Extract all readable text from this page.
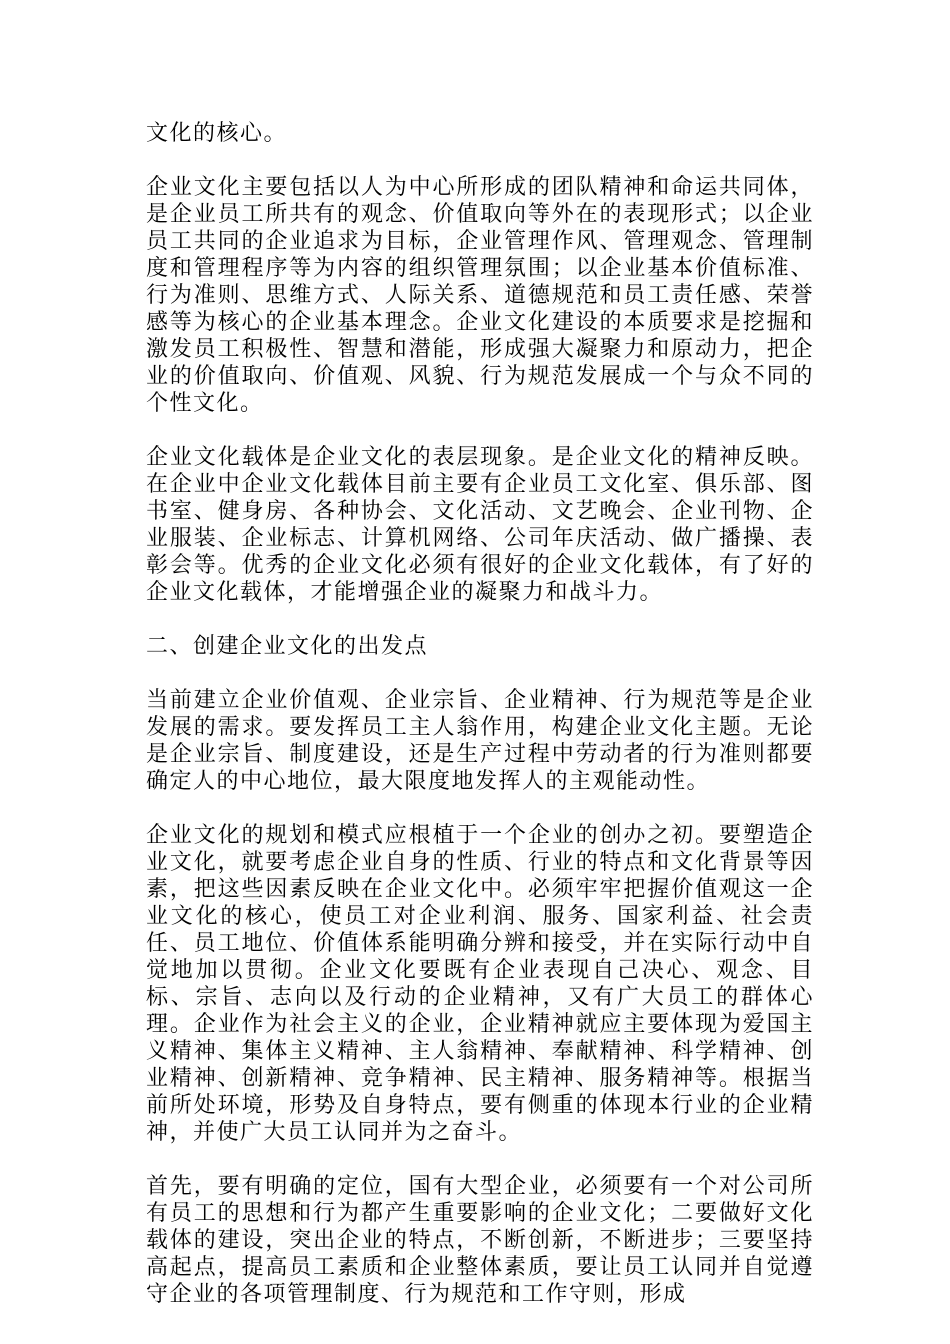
文化的核心。

企业文化主要包括以人为中心所形成的团队精神和命运共同体，是企业员工所共有的观念、价值取向等外在的表现形式；以企业员工共同的企业追求为目标，企业管理作风、管理观念、管理制度和管理程序等为内容的组织管理氛围；以企业基本价值标准、行为准则、思维方式、人际关系、道德规范和员工责任感、荣誉感等为核心的企业基本理念。企业文化建设的本质要求是挖掘和激发员工积极性、智慧和潜能，形成强大凝聚力和原动力，把企业的价值取向、价值观、风貌、行为规范发展成一个与众不同的个性文化。

企业文化载体是企业文化的表层现象。是企业文化的精神反映。在企业中企业文化载体目前主要有企业员工文化室、俱乐部、图书室、健身房、各种协会、文化活动、文艺晚会、企业刊物、企业服装、企业标志、计算机网络、公司年庆活动、做广播操、表彰会等。优秀的企业文化必须有很好的企业文化载体，有了好的企业文化载体，才能增强企业的凝聚力和战斗力。

二、创建企业文化的出发点

当前建立企业价值观、企业宗旨、企业精神、行为规范等是企业发展的需求。要发挥员工主人翁作用，构建企业文化主题。无论是企业宗旨、制度建设，还是生产过程中劳动者的行为准则都要确定人的中心地位，最大限度地发挥人的主观能动性。

企业文化的规划和模式应根植于一个企业的创办之初。要塑造企业文化，就要考虑企业自身的性质、行业的特点和文化背景等因素，把这些因素反映在企业文化中。必须牢牢把握价值观这一企业文化的核心，使员工对企业利润、服务、国家利益、社会责任、员工地位、价值体系能明确分辨和接受，并在实际行动中自觉地加以贯彻。企业文化要既有企业表现自己决心、观念、目标、宗旨、志向以及行动的企业精神，又有广大员工的群体心理。企业作为社会主义的企业，企业精神就应主要体现为爱国主义精神、集体主义精神、主人翁精神、奉献精神、科学精神、创业精神、创新精神、竞争精神、民主精神、服务精神等。根据当前所处环境，形势及自身特点，要有侧重的体现本行业的企业精神，并使广大员工认同并为之奋斗。

首先，要有明确的定位，国有大型企业，必须要有一个对公司所有员工的思想和行为都产生重要影响的企业文化；二要做好文化载体的建设，突出企业的特点，不断创新，不断进步；三要坚持高起点，提高员工素质和企业整体素质，要让员工认同并自觉遵守企业的各项管理制度、行为规范和工作守则，形成
